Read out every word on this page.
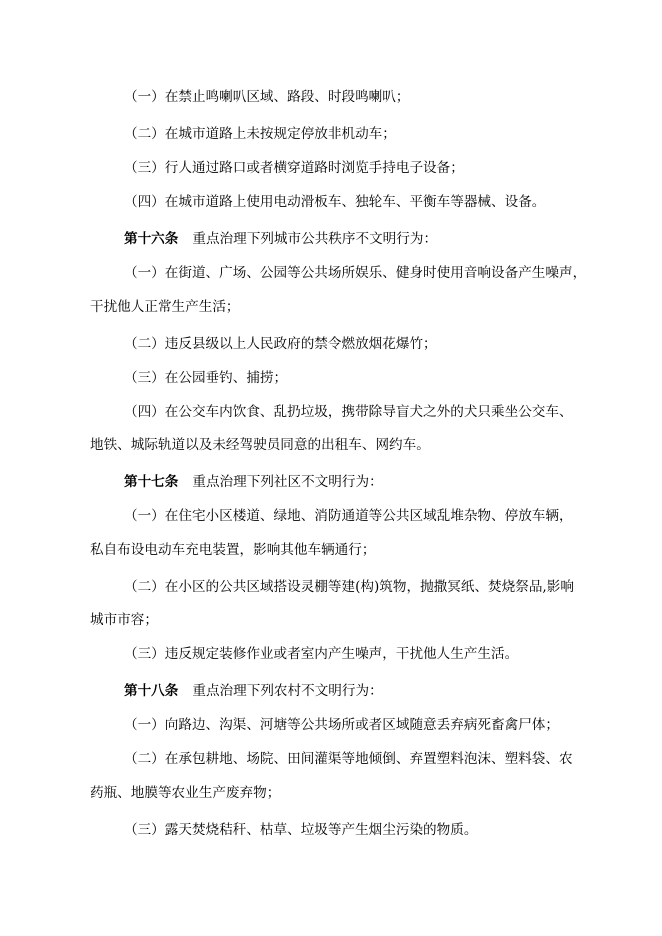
（一）在禁止鸣喇叭区域、路段、时段鸣喇叭；
（二）在城市道路上未按规定停放非机动车；
（三）行人通过路口或者横穿道路时浏览手持电子设备；
（四）在城市道路上使用电动滑板车、独轮车、平衡车等器械、设备。
第十六条 重点治理下列城市公共秩序不文明行为：
（一）在街道、广场、公园等公共场所娱乐、健身时使用音响设备产生噪声，
干扰他人正常生产生活；
（二）违反县级以上人民政府的禁令燃放烟花爆竹；
（三）在公园垂钓、捕捞；
（四）在公交车内饮食、乱扔垃圾，携带除导盲犬之外的犬只乘坐公交车、
地铁、城际轨道以及未经驾驶员同意的出租车、网约车。
第十七条 重点治理下列社区不文明行为：
（一）在住宅小区楼道、绿地、消防通道等公共区域乱堆杂物、停放车辆，
私自布设电动车充电装置，影响其他车辆通行；
（二）在小区的公共区域搭设灵棚等建(构)筑物，抛撒冥纸、焚烧祭品,影响
城市市容；
（三）违反规定装修作业或者室内产生噪声，干扰他人生产生活。
第十八条 重点治理下列农村不文明行为：
（一）向路边、沟渠、河塘等公共场所或者区域随意丢弃病死畜禽尸体；
（二）在承包耕地、场院、田间灌渠等地倾倒、弃置塑料泡沫、塑料袋、农
药瓶、地膜等农业生产废弃物；
（三）露天焚烧秸秆、枯草、垃圾等产生烟尘污染的物质。
